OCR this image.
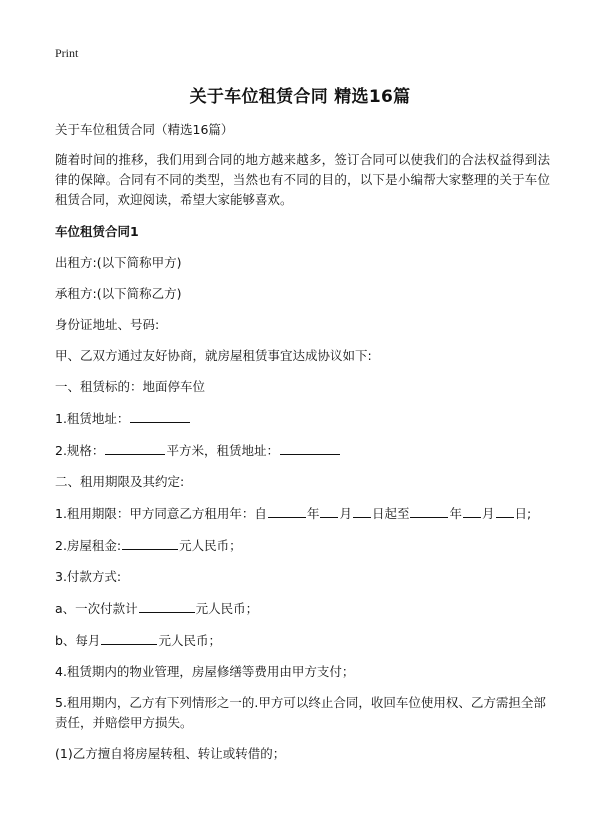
Print
关于车位租赁合同 精选16篇

关于车位租赁合同（精选16篇）

随着时间的推移，我们用到合同的地方越来越多，签订合同可以使我们的合法权益得到法律的保障。合同有不同的类型，当然也有不同的目的，以下是小编帮大家整理的关于车位租赁合同，欢迎阅读，希望大家能够喜欢。

车位租赁合同1

出租方:(以下简称甲方)

承租方:(以下简称乙方)

身份证地址、号码:

甲、乙双方通过友好协商，就房屋租赁事宜达成协议如下:

一、租赁标的：地面停车位

1.租赁地址：

2.规格：	平方米，租赁地址：

二、租用期限及其约定:

1.租用期限：甲方同意乙方租用年：自	年 月 日起至	年 月 日;

2.房屋租金:	元人民币；

3.付款方式:

a、一次付款计	元人民币；

b、每月	元人民币；

4.租赁期内的物业管理，房屋修缮等费用由甲方支付；

5.租用期内，乙方有下列情形之一的.甲方可以终止合同，收回车位使用权、乙方需担全部责任，并赔偿甲方损失。

(1)乙方擅自将房屋转租、转让或转借的；
